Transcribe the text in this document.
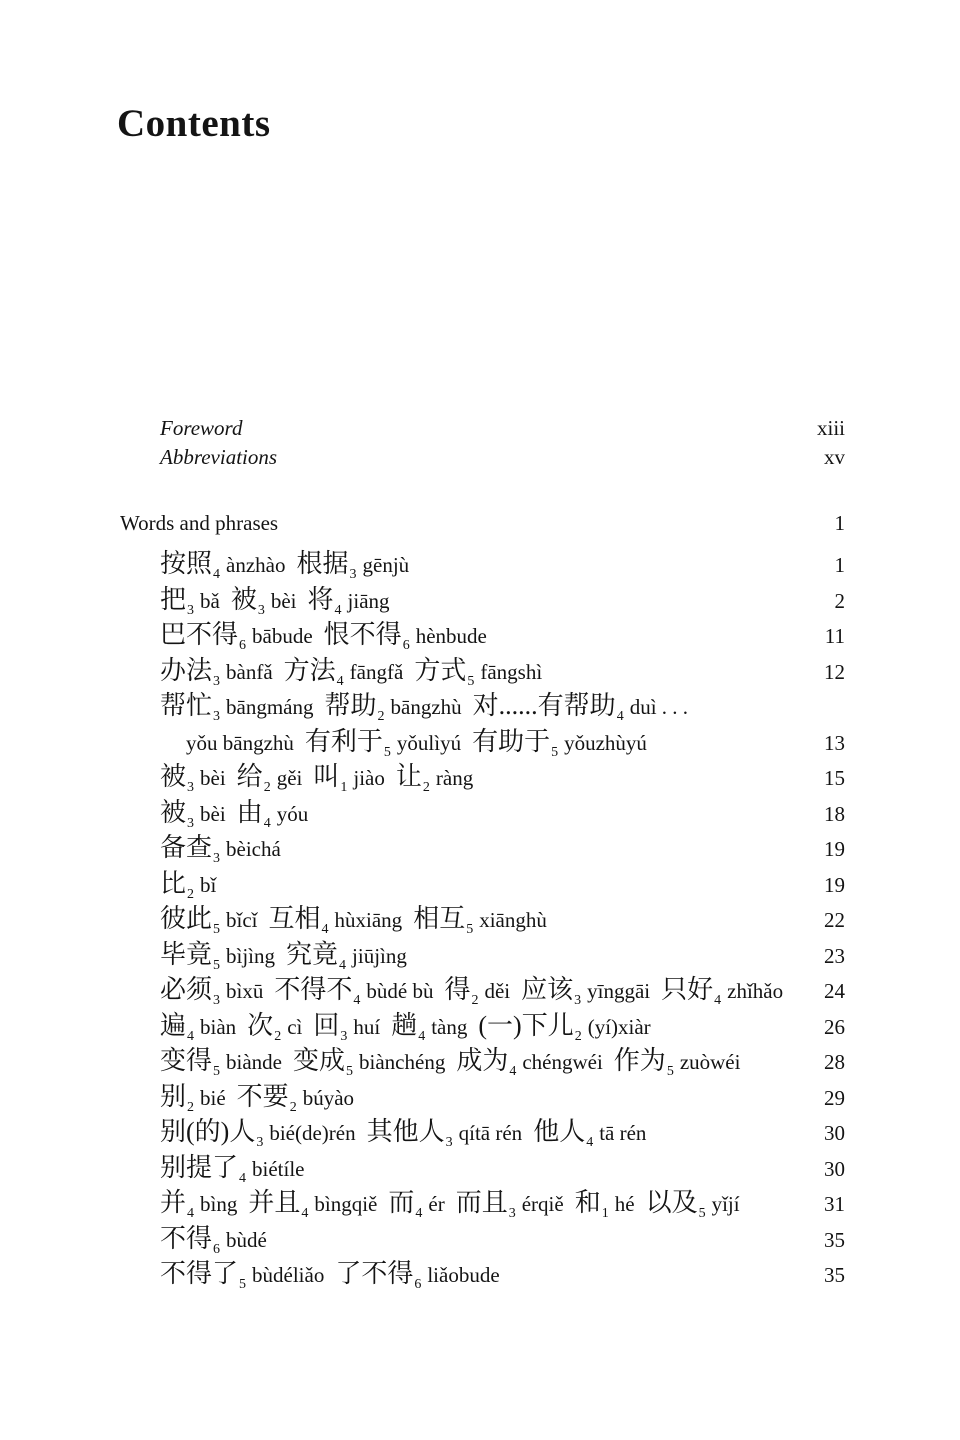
Contents
Foreword	xiii
Abbreviations	xv
Words and phrases	1
按照4 ànzhào 根据3 gēnjù	1
把3 bǎ 被3 bèi 将4 jiāng	2
巴不得6 bābude 恨不得6 hènbude	11
办法3 bànfǎ 方法4 fāngfǎ 方式5 fāngshì	12
帮忙3 bāngmáng 帮助2 bāngzhù 对......有帮助4 duì . . .
yǒu bāngzhù 有利于5 yǒulìyú 有助于5 yǒuzhùyú	13
被3 bèi 给2 gěi 叫1 jiào 让2 ràng	15
被3 bèi 由4 yóu	18
备查3 bèichá	19
比2 bǐ	19
彼此5 bǐcǐ 互相4 hùxiāng 相互5 xiānghù	22
毕竟5 bìjìng 究竟4 jiūjìng	23
必须3 bìxū 不得不4 bùdé bù 得2 děi 应该3 yīnggāi 只好4 zhǐhǎo 24
遍4 biàn 次2 cì 回3 huí 趟4 tàng (一)下儿2 (yí)xiàr	26
变得5 biànde 变成5 biànchéng 成为4 chéngwéi 作为5 zuòwéi	28
别2 bié 不要2 búyào	29
别(的)人3 bié(de)rén 其他人3 qítā rén 他人4 tā rén	30
别提了4 biétíle	30
并4 bìng 并且4 bìngqiě 而4 ér 而且3 érqiě 和1 hé 以及5 yǐjí	31
不得6 bùdé	35
不得了5 bùdéliǎo 了不得6 liǎobude	35
